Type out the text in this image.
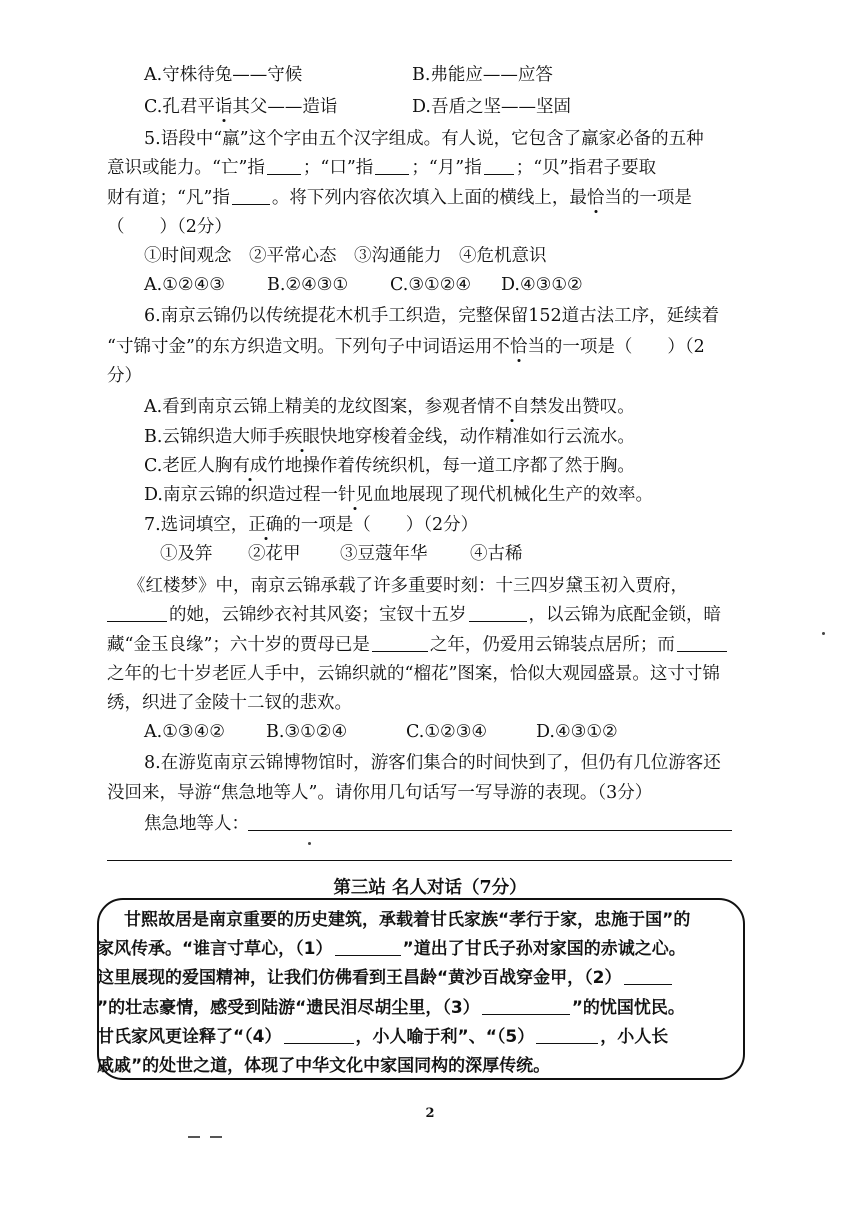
A.守株待兔——守候	B.弗能应——应答
C.孔君平诣其父——造诣	D.吾盾之坚——坚固
5.语段中“羸”这个字由五个汉字组成。有人说，它包含了羸家必备的五种
意识或能力。“亡”指 ；“口”指 ；“月”指 ；“贝”指君子要取
财有道；“凡”指 。将下列内容依次填入上面的横线上，最恰当的一项是
（　　）（2分）
①时间观念　②平常心态　③沟通能力　④危机意识
A.①②④③ B.②④③① C.③①②④ D.④③①②
6.南京云锦仍以传统提花木机手工织造，完整保留152道古法工序，延续着
“寸锦寸金”的东方织造文明。下列句子中词语运用不恰当的一项是（　　）（2
分）
A.看到南京云锦上精美的龙纹图案，参观者情不自禁发出赞叹。
B.云锦织造大师手疾眼快地穿梭着金线，动作精准如行云流水。
C.老匠人胸有成竹地操作着传统织机，每一道工序都了然于胸。
D.南京云锦的织造过程一针见血地展现了现代机械化生产的效率。
7.选词填空，正确的一项是（　　）（2分）
①及笄 ②花甲 ③豆蔻年华 ④古稀
《红楼梦》中，南京云锦承载了许多重要时刻：十三四岁黛玉初入贾府，
的她，云锦纱衣衬其风姿；宝钗十五岁	，以云锦为底配金锁，暗
藏“金玉良缘”；六十岁的贾母已是	之年，仍爱用云锦装点居所；而
之年的七十岁老匠人手中，云锦织就的“榴花”图案，恰似大观园盛景。这寸寸锦
绣，织进了金陵十二钗的悲欢。
A.①③④② B.③①②④	C.①②③④	D.④③①②
8.在游览南京云锦博物馆时，游客们集合的时间快到了，但仍有几位游客还
没回来，导游“焦急地等人”。请你用几句话写一写导游的表现。（3分）
焦急地等人：
第三站 名人对话（7分）
甘熙故居是南京重要的历史建筑，承载着甘氏家族“孝行于家，忠施于国”的
家风传承。“谁言寸草心，（1）	”道出了甘氏子孙对家国的赤诚之心。
这里展现的爱国精神，让我们仿佛看到王昌龄“黄沙百战穿金甲，（2）
”的壮志豪情，感受到陆游“遗民泪尽胡尘里，（3）	”的忧国忧民。
甘氏家风更诠释了“（4）	，小人喻于利”、“（5）	，小人长
戚戚”的处世之道，体现了中华文化中家国同构的深厚传统。
2
